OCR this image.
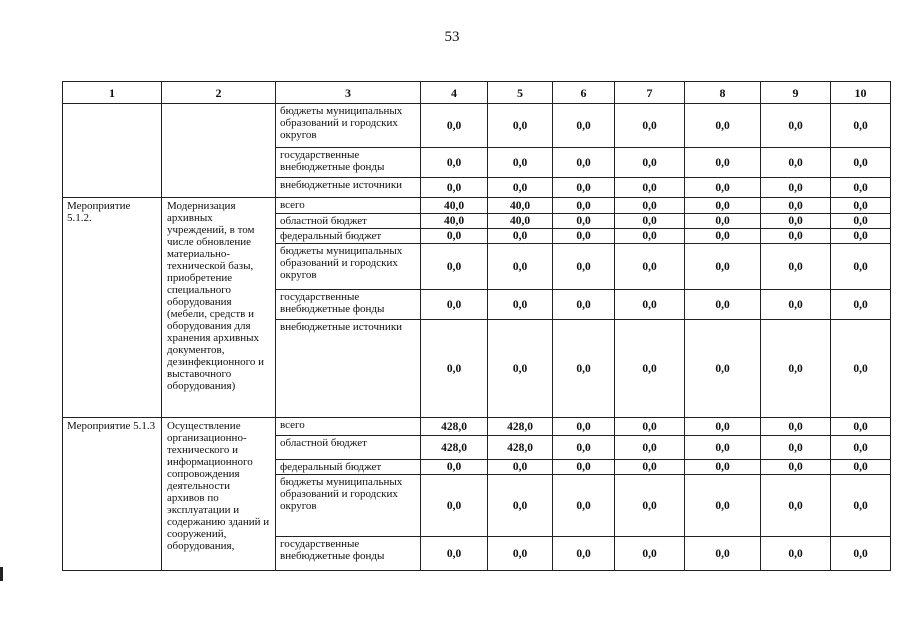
53
1	2	3	4	5	6	7	8	9	10
		бюджеты муниципальных образований и городских округов	0,0	0,0	0,0	0,0	0,0	0,0	0,0
		государственные внебюджетные фонды	0,0	0,0	0,0	0,0	0,0	0,0	0,0
		внебюджетные источники	0,0	0,0	0,0	0,0	0,0	0,0	0,0
Мероприятие 5.1.2.	Модернизация архивных учреждений, в том числе обновление материально-технической базы, приобретение специального оборудования (мебели, средств и оборудования для хранения архивных документов, дезинфекционного и выставочного оборудования)	всего	40,0	40,0	0,0	0,0	0,0	0,0	0,0
		областной бюджет	40,0	40,0	0,0	0,0	0,0	0,0	0,0
		федеральный бюджет	0,0	0,0	0,0	0,0	0,0	0,0	0,0
		бюджеты муниципальных образований и городских округов	0,0	0,0	0,0	0,0	0,0	0,0	0,0
		государственные внебюджетные фонды	0,0	0,0	0,0	0,0	0,0	0,0	0,0
		внебюджетные источники	0,0	0,0	0,0	0,0	0,0	0,0	0,0
Мероприятие 5.1.3	Осуществление организационно-технического и информационного сопровождения деятельности архивов по эксплуатации и содержанию зданий и сооружений, оборудования,	всего	428,0	428,0	0,0	0,0	0,0	0,0	0,0
		областной бюджет	428,0	428,0	0,0	0,0	0,0	0,0	0,0
		федеральный бюджет	0,0	0,0	0,0	0,0	0,0	0,0	0,0
		бюджеты муниципальных образований и городских округов	0,0	0,0	0,0	0,0	0,0	0,0	0,0
		государственные внебюджетные фонды	0,0	0,0	0,0	0,0	0,0	0,0	0,0
